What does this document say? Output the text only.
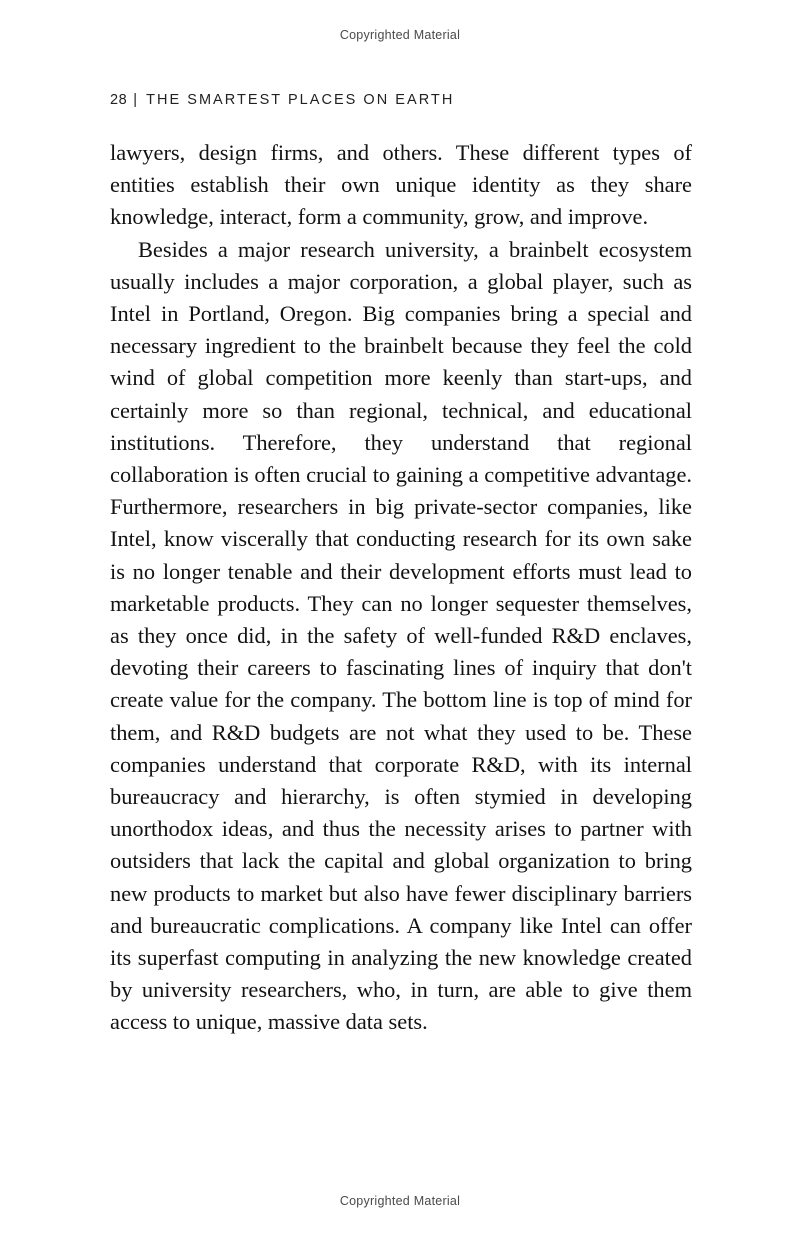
Copyrighted Material
28 | THE SMARTEST PLACES ON EARTH

lawyers, design firms, and others. These different types of entities establish their own unique identity as they share knowledge, interact, form a community, grow, and improve.

Besides a major research university, a brainbelt ecosystem usually includes a major corporation, a global player, such as Intel in Portland, Oregon. Big companies bring a special and necessary ingredient to the brainbelt because they feel the cold wind of global competition more keenly than start-ups, and certainly more so than regional, technical, and educational institutions. Therefore, they understand that regional collaboration is often crucial to gaining a competitive advantage. Furthermore, researchers in big private-sector companies, like Intel, know viscerally that conducting research for its own sake is no longer tenable and their development efforts must lead to marketable products. They can no longer sequester themselves, as they once did, in the safety of well-funded R&D enclaves, devoting their careers to fascinating lines of inquiry that don't create value for the company. The bottom line is top of mind for them, and R&D budgets are not what they used to be. These companies understand that corporate R&D, with its internal bureaucracy and hierarchy, is often stymied in developing unorthodox ideas, and thus the necessity arises to partner with outsiders that lack the capital and global organization to bring new products to market but also have fewer disciplinary barriers and bureaucratic complications. A company like Intel can offer its superfast computing in analyzing the new knowledge created by university researchers, who, in turn, are able to give them access to unique, massive data sets.

Copyrighted Material
